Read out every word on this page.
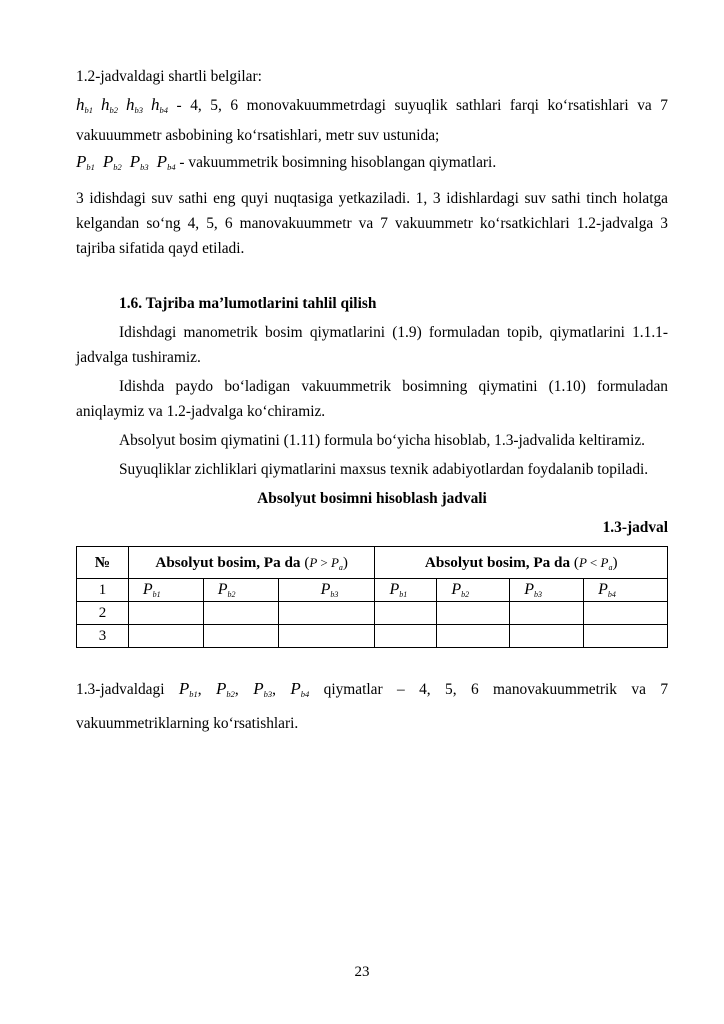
1.2-jadvaldagi shartli belgilar:

$h_{b1}$ $h_{b2}$ $h_{b3}$ $h_{b4} - 4$, 5, 6 monovakuummetrdagi suyuqlik sathlari farqi ko‘rsatishlari va 7 vakuuummetr asbobining ko‘rsatishlari, metr suv ustunida;

$P_{b1}$ $P_{b2}$ $P_{b3}$ $P_{b4}$ - vakuummetrik bosimning hisoblangan qiymatlari.

3 idishdagi suv sathi eng quyi nuqtasiga yetkaziladi. 1, 3 idishlardagi suv sathi tinch holatga kelgandan so‘ng 4, 5, 6 manovakuummetr va 7 vakuummetr ko‘rsatkichlari 1.2-jadvalga 3 tajriba sifatida qayd etiladi.

1.6. Tajriba ma’lumotlarini tahlil qilish

Idishdagi manometrik bosim qiymatlarini (1.9) formuladan topib, qiymatlarini 1.1.1-jadvalga tushiramiz.

Idishda paydo bo‘ladigan vakuummetrik bosimning qiymatini (1.10) formuladan aniqlaymiz va 1.2-jadvalga ko‘chiramiz.

Absolyut bosim qiymatini (1.11) formula bo‘yicha hisoblab, 1.3-jadvalida keltiramiz.

Suyuqliklar zichliklari qiymatlarini maxsus texnik adabiyotlardan foydalanib topiladi.

Absolyut bosimni hisoblash jadvali

1.3-jadval

№	Absolyut bosim, Pa da $(P > P_a)$			Absolyut bosim, Pa da $(P < P_a)$			
1	$P_{b1}$	$P_{b2}$	$P_{b3}$	$P_{b1}$	$P_{b2}$	$P_{b3}$	$P_{b4}$
2							
3							

1.3-jadvaldagi $P_{b1}$, $P_{b2}$, $P_{b3}$, $P_{b4}$ qiymatlar – 4, 5, 6 manovakuummetrik va 7 vakuummetriklarning ko‘rsatishlari.

23
